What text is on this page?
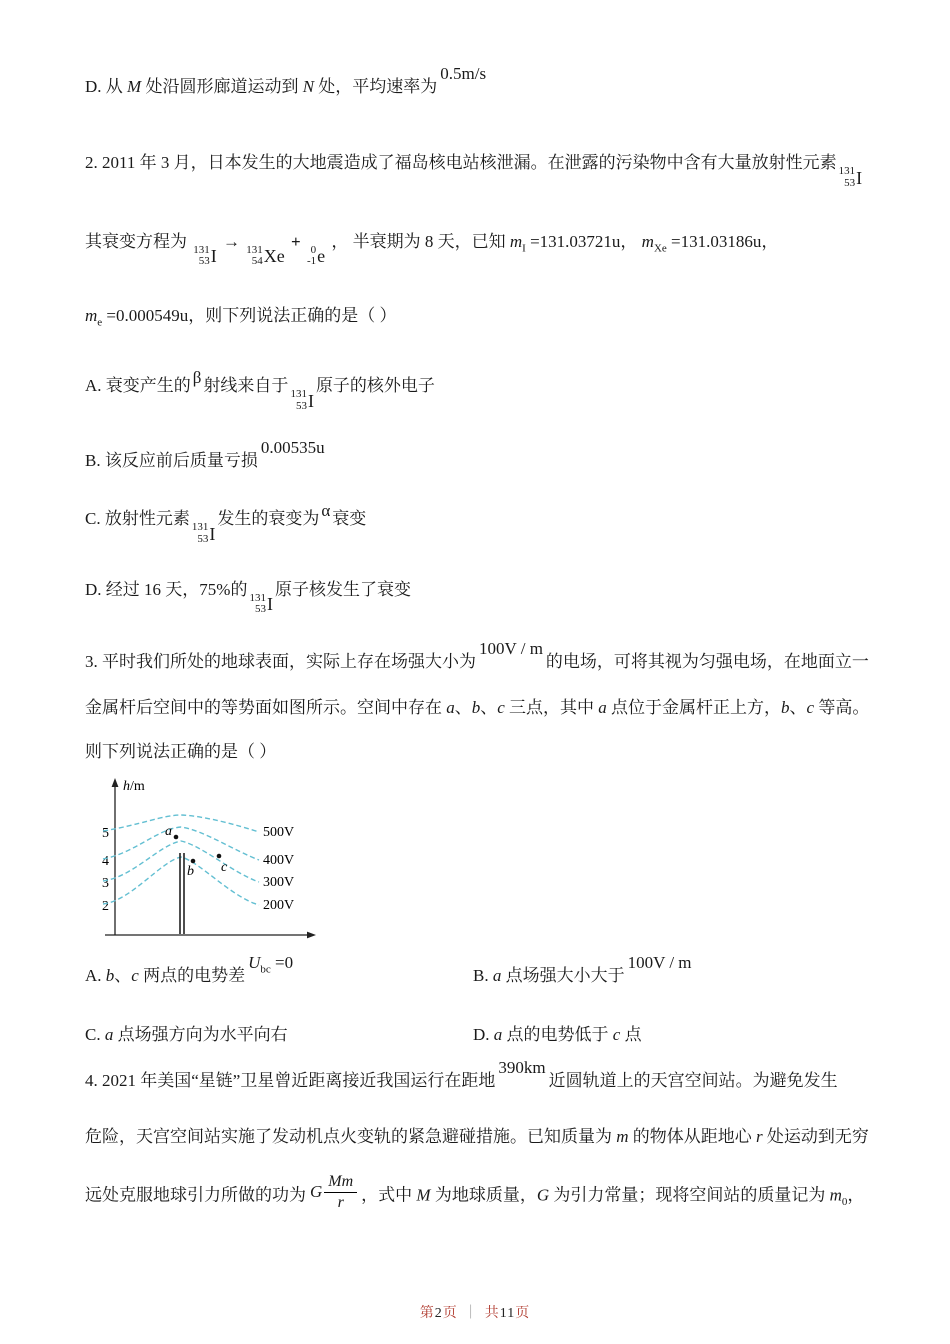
D. 从 M 处沿圆形廊道运动到 N 处，平均速率为0.5m/s
2. 2011 年 3 月，日本发生的大地震造成了福岛核电站核泄漏。在泄露的污染物中含有大量放射性元素 131
53 I
其衰变方程为 131
53 I
→ 131
54 Xe
+ 0
-1 e
， 半衰期为 8 天，已知 $m_I =131.03721u$， $m_{Xe} =131.03186u$，
$m_e =0.000549u$，则下列说法正确的是（ ）
A. 衰变产生的 β 射线来自于 131
53 I
原子的核外电子
B. 该反应前后质量亏损0.00535u
C. 放射性元素 131
53 I
发生的衰变为 α 衰变
D. 经过 16 天，75%的 131
53 I
原子核发生了衰变
3. 平时我们所处的地球表面，实际上存在场强大小为100V / m的电场，可将其视为匀强电场，在地面立一
金属杆后空间中的等势面如图所示。空间中存在 a、b、c 三点，其中 a 点位于金属杆正上方，b、c 等高。
则下列说法正确的是（ ）
h/m
5
4
3
2
500V
400V
300V
200V
a
b c
A. b、c 两点的电势差$U_{bc} =0$
B. a 点场强大小大于100V / m
C. a 点场强方向为水平向右	D. a 点的电势低于 c 点
4. 2021 年美国“星链”卫星曾近距离接近我国运行在距地390km近圆轨道上的天宫空间站。为避免发生
危险，天宫空间站实施了发动机点火变轨的紧急避碰措施。已知质量为 m 的物体从距地心 r 处运动到无穷
远处克服地球引力所做的功为 G $\frac{Mm}{r}$ ，式中 M 为地球质量，G 为引力常量；现将空间站的质量记为 $m_0$，
第2页 ｜ 共11页
